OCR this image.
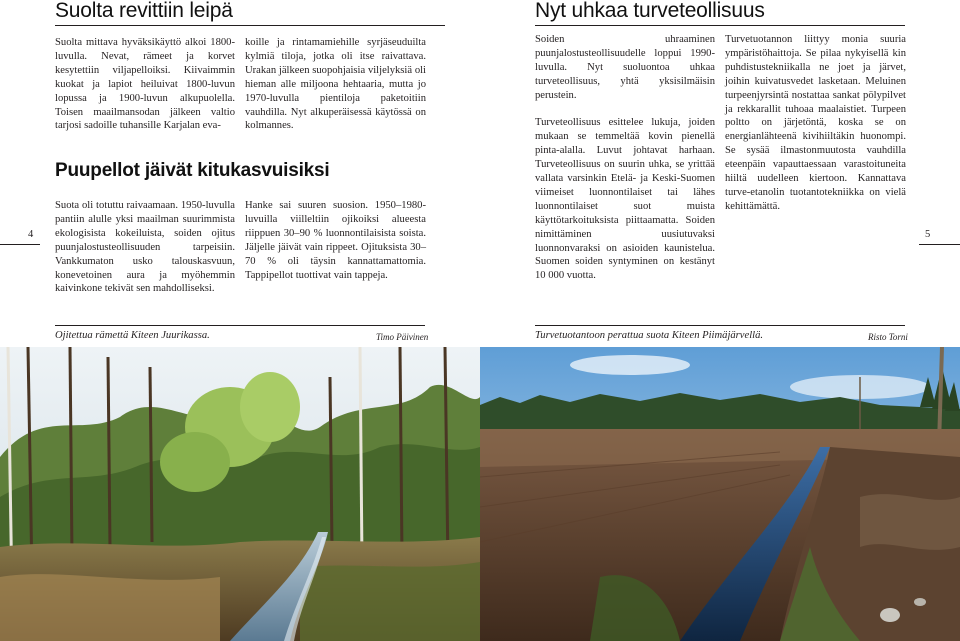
Suolta revittiin leipä

Suolta mittava hyväksikäyttö alkoi 1800-luvulla. Nevat, rämeet ja korvet kesytettiin viljapelloiksi. Kiivaimmin kuokat ja lapiot heiluivat 1800-luvun lopussa ja 1900-luvun alkupuolella. Toisen maailmansodan jälkeen valtio tarjosi sadoille tuhansille Karjalan eva-

koille ja rintamamiehille syrjäseuduilta kylmiä tiloja, jotka oli itse raivattava. Urakan jälkeen suopohjaisia viljelyksiä oli hieman alle miljoona hehtaaria, mutta jo 1970-luvulla pientiloja paketoitiin vauhdilla. Nyt alkuperäisessä käytössä on kolmannes.

Puupellot jäivät kitukasvuisiksi

Suota oli totuttu raivaamaan. 1950-luvulla pantiin alulle yksi maailman suurimmista ekologisista kokeiluista, soiden ojitus puunjalostusteollisuuden tarpeisiin. Vankkumaton usko talouskasvuun, konevetoinen aura ja myöhemmin kaivinkone tekivät sen mahdolliseksi.

Hanke sai suuren suosion. 1950–1980-luvuilla viilleltiin ojikoiksi alueesta riippuen 30–90 % luonnontilaisista soista. Jäljelle jäivät vain rippeet. Ojituksista 30–70 % oli täysin kannattamattomia. Tappipellot tuottivat vain tappeja.

4
Ojitettua rämettä Kiteen Juurikassa.	Timo Päivinen
Nyt uhkaa turveteollisuus

Soiden uhraaminen puunjalostusteollisuudelle loppui 1990-luvulla. Nyt suoluontoa uhkaa turveteollisuus, yhtä yksisilmäisin perustein.

Turveteollisuus esittelee lukuja, joiden mukaan se temmeltää kovin pienellä pinta-alalla. Luvut johtavat harhaan. Turveteollisuus on suurin uhka, se yrittää vallata varsinkin Etelä- ja Keski-Suomen viimeiset luonnontilaiset tai lähes luonnontilaiset suot muista käyttötarkoituksista piittaamatta. Soiden nimittäminen uusiutuvaksi luonnonvaraksi on asioiden kaunistelua. Suomen soiden syntyminen on kestänyt 10 000 vuotta.

Turvetuotannon liittyy monia suuria ympäristöhaittoja. Se pilaa nykyisellä kin puhdistustekniikalla ne joet ja järvet, joihin kuivatusvedet lasketaan. Meluinen turpeenjyrsintä nostattaa sankat pölypilvet ja rekkarallit tuhoaa maalaistiet. Turpeen poltto on järjetöntä, koska se on energianlähteenä kivihiiltäkin huonompi. Se sysää ilmastonmuutosta vauhdilla eteenpäin vapauttaessaan varastoituneita hiiltä uudelleen kiertoon. Kannattava turve-etanolin tuotantotekniikka on vielä kehittämättä.

5
Turvetuotantoon perattua suota Kiteen Piimäjärvellä.	Risto Torni
